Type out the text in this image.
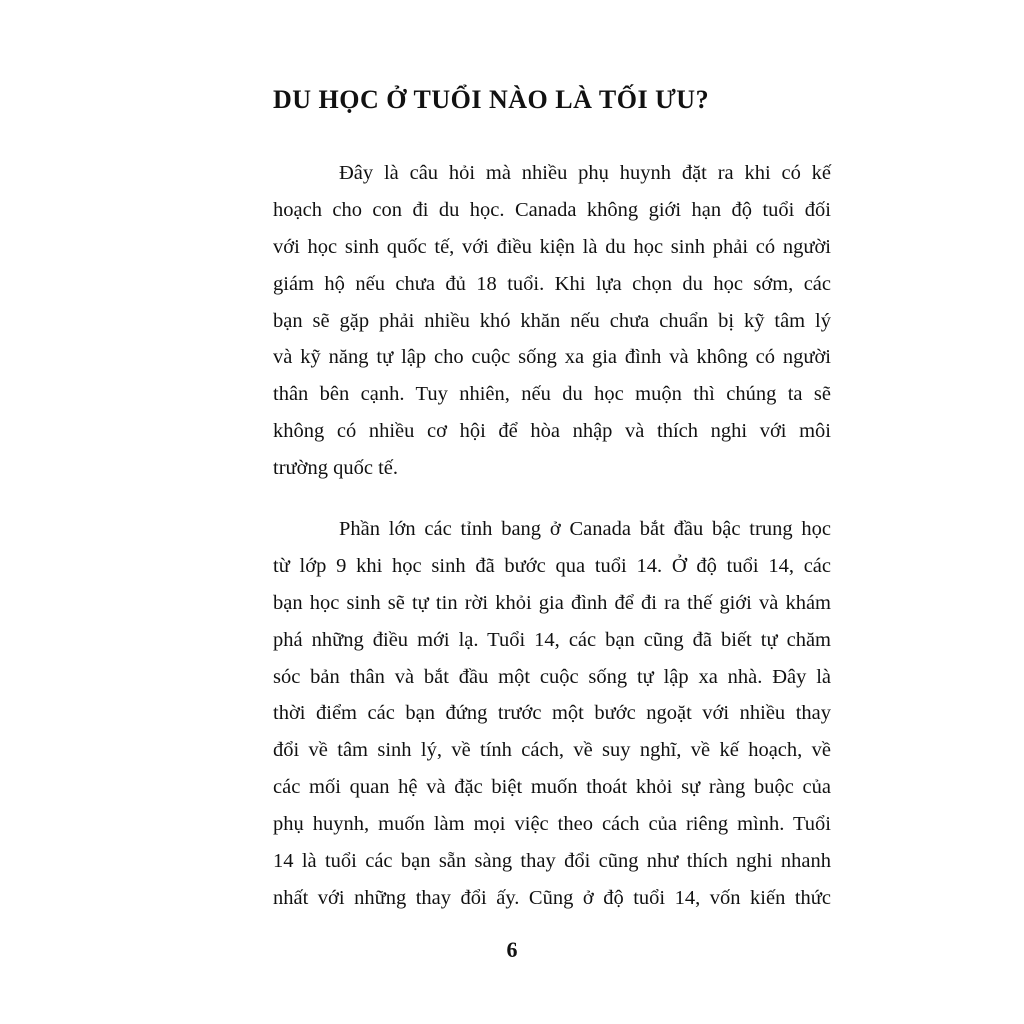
DU HỌC Ở TUỔI NÀO LÀ TỐI ƯU?

Đây là câu hỏi mà nhiều phụ huynh đặt ra khi có kế
hoạch cho con đi du học. Canada không giới hạn độ tuổi đối
với học sinh quốc tế, với điều kiện là du học sinh phải có người
giám hộ nếu chưa đủ 18 tuổi. Khi lựa chọn du học sớm, các
bạn sẽ gặp phải nhiều khó khăn nếu chưa chuẩn bị kỹ tâm lý
và kỹ năng tự lập cho cuộc sống xa gia đình và không có người
thân bên cạnh. Tuy nhiên, nếu du học muộn thì chúng ta sẽ
không có nhiều cơ hội để hòa nhập và thích nghi với môi
trường quốc tế.

Phần lớn các tỉnh bang ở Canada bắt đầu bậc trung học
từ lớp 9 khi học sinh đã bước qua tuổi 14. Ở độ tuổi 14, các
bạn học sinh sẽ tự tin rời khỏi gia đình để đi ra thế giới và khám
phá những điều mới lạ. Tuổi 14, các bạn cũng đã biết tự chăm
sóc bản thân và bắt đầu một cuộc sống tự lập xa nhà. Đây là
thời điểm các bạn đứng trước một bước ngoặt với nhiều thay
đổi về tâm sinh lý, về tính cách, về suy nghĩ, về kế hoạch, về
các mối quan hệ và đặc biệt muốn thoát khỏi sự ràng buộc của
phụ huynh, muốn làm mọi việc theo cách của riêng mình. Tuổi
14 là tuổi các bạn sẵn sàng thay đổi cũng như thích nghi nhanh
nhất với những thay đổi ấy. Cũng ở độ tuổi 14, vốn kiến thức

6
